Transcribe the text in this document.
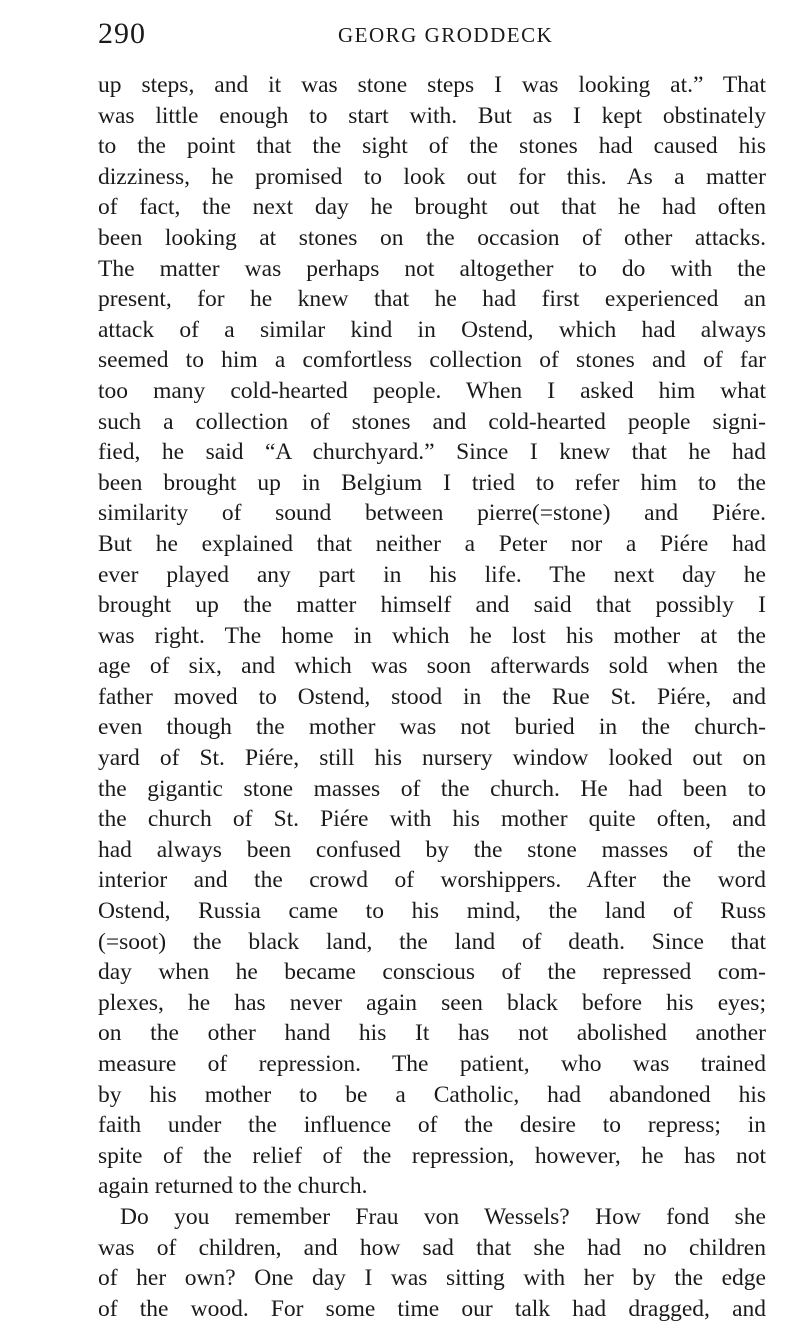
290	GEORG GRODDECK
up steps, and it was stone steps I was looking at.” That
was little enough to start with. But as I kept obstinately
to the point that the sight of the stones had caused his
dizziness, he promised to look out for this. As a matter
of fact, the next day he brought out that he had often
been looking at stones on the occasion of other attacks.
The matter was perhaps not altogether to do with the
present, for he knew that he had first experienced an
attack of a similar kind in Ostend, which had always
seemed to him a comfortless collection of stones and of far
too many cold-hearted people. When I asked him what
such a collection of stones and cold-hearted people signi-
fied, he said “A churchyard.” Since I knew that he had
been brought up in Belgium I tried to refer him to the
similarity of sound between pierre(=stone) and Piére.
But he explained that neither a Peter nor a Piére had
ever played any part in his life. The next day he
brought up the matter himself and said that possibly I
was right. The home in which he lost his mother at the
age of six, and which was soon afterwards sold when the
father moved to Ostend, stood in the Rue St. Piére, and
even though the mother was not buried in the church-
yard of St. Piére, still his nursery window looked out on
the gigantic stone masses of the church. He had been to
the church of St. Piére with his mother quite often, and
had always been confused by the stone masses of the
interior and the crowd of worshippers. After the word
Ostend, Russia came to his mind, the land of Russ
(=soot) the black land, the land of death. Since that
day when he became conscious of the repressed com-
plexes, he has never again seen black before his eyes;
on the other hand his It has not abolished another
measure of repression. The patient, who was trained
by his mother to be a Catholic, had abandoned his
faith under the influence of the desire to repress; in
spite of the relief of the repression, however, he has not
again returned to the church.
Do you remember Frau von Wessels? How fond she
was of children, and how sad that she had no children
of her own? One day I was sitting with her by the edge
of the wood. For some time our talk had dragged, and
